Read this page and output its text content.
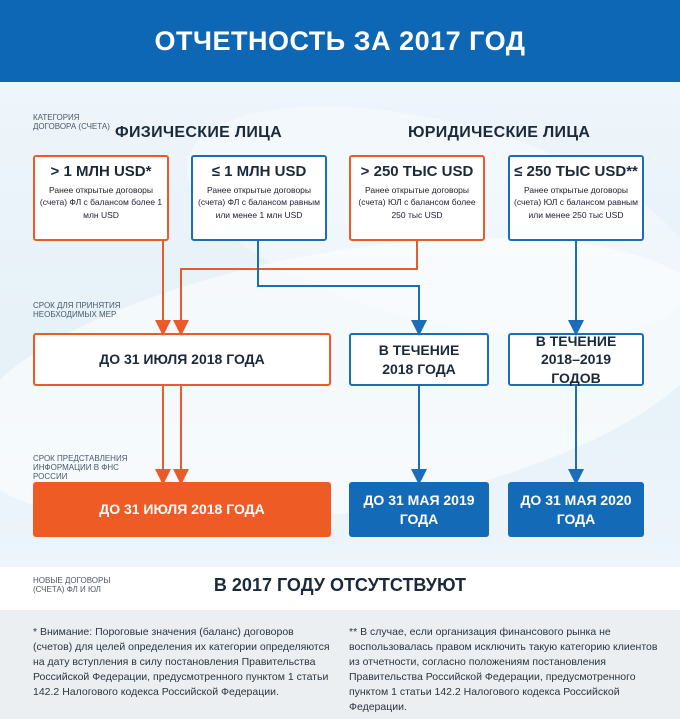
ОТЧЕТНОСТЬ ЗА 2017 ГОД
КАТЕГОРИЯ ДОГОВОРА (СЧЕТА) ФИЗИЧЕСКИЕ ЛИЦА	ЮРИДИЧЕСКИЕ ЛИЦА
> 1 МЛН USD*
Ранее открытые договоры (счета) ФЛ с балансом более 1 млн USD
≤ 1 МЛН USD
Ранее открытые договоры (счета) ФЛ с балансом равным или менее 1 млн USD
> 250 ТЫС USD
Ранее открытые договоры (счета) ЮЛ с балансом более 250 тыс USD
≤ 250 ТЫС USD**
Ранее открытые договоры (счета) ЮЛ с балансом равным или менее 250 тыс USD
СРОК ДЛЯ ПРИНЯТИЯ НЕОБХОДИМЫХ МЕР
ДО 31 ИЮЛЯ 2018 ГОДА
В ТЕЧЕНИЕ 2018 ГОДА
В ТЕЧЕНИЕ 2018–2019 ГОДОВ
СРОК ПРЕДСТАВЛЕНИЯ ИНФОРМАЦИИ В ФНС РОССИИ
ДО 31 ИЮЛЯ 2018 ГОДА
ДО 31 МАЯ 2019 ГОДА
ДО 31 МАЯ 2020 ГОДА
НОВЫЕ ДОГОВОРЫ (СЧЕТА) ФЛ И ЮЛ	В 2017 ГОДУ ОТСУТСТВУЮТ
* Внимание: Пороговые значения (баланс) договоров (счетов) для целей определения их категории определяются на дату вступления в силу постановления Правительства Российской Федерации, предусмотренного пунктом 1 статьи 142.2 Налогового кодекса Российской Федерации.
** В случае, если организация финансового рынка не воспользовалась правом исключить такую категорию клиентов из отчетности, согласно положениям постановления Правительства Российской Федерации, предусмотренного пунктом 1 статьи 142.2 Налогового кодекса Российской Федерации.
